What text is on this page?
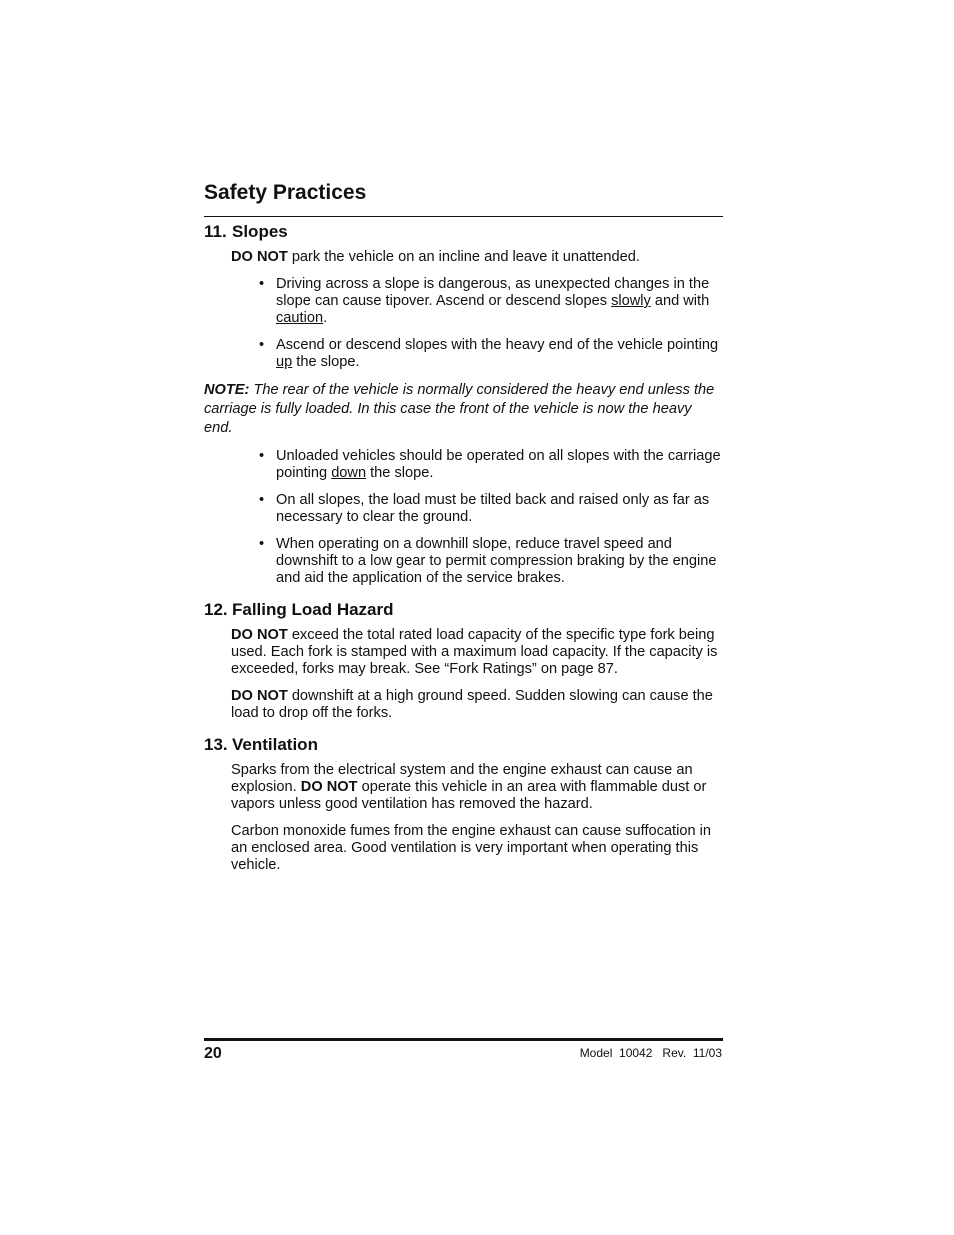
Safety Practices
11. Slopes

DO NOT park the vehicle on an incline and leave it unattended.

• Driving across a slope is dangerous, as unexpected changes in the slope can cause tipover. Ascend or descend slopes slowly and with caution.
• Ascend or descend slopes with the heavy end of the vehicle pointing up the slope.

NOTE: The rear of the vehicle is normally considered the heavy end unless the carriage is fully loaded. In this case the front of the vehicle is now the heavy end.

• Unloaded vehicles should be operated on all slopes with the carriage pointing down the slope.
• On all slopes, the load must be tilted back and raised only as far as necessary to clear the ground.
• When operating on a downhill slope, reduce travel speed and downshift to a low gear to permit compression braking by the engine and aid the application of the service brakes.
12. Falling Load Hazard

DO NOT exceed the total rated load capacity of the specific type fork being used. Each fork is stamped with a maximum load capacity. If the capacity is exceeded, forks may break. See “Fork Ratings” on page 87.

DO NOT downshift at a high ground speed. Sudden slowing can cause the load to drop off the forks.

13. Ventilation

Sparks from the electrical system and the engine exhaust can cause an explosion. DO NOT operate this vehicle in an area with flammable dust or vapors unless good ventilation has removed the hazard.

Carbon monoxide fumes from the engine exhaust can cause suffocation in an enclosed area. Good ventilation is very important when operating this vehicle.

20	Model  10042   Rev.  11/03
